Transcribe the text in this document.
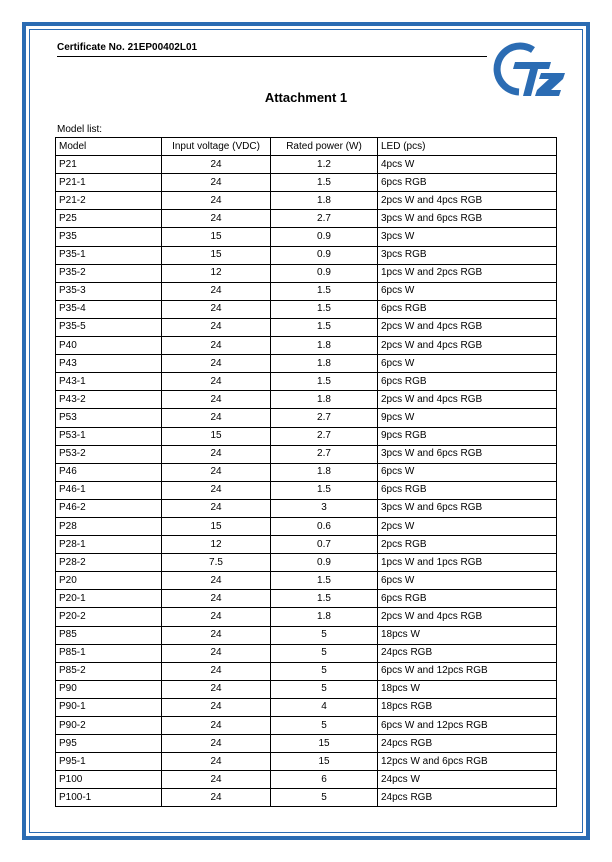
Certificate No. 21EP00402L01
Attachment 1
Model list:
Model	Input voltage (VDC)	Rated power (W)	LED (pcs)
P21	24	1.2	4pcs W
P21-1	24	1.5	6pcs RGB
P21-2	24	1.8	2pcs W and 4pcs RGB
P25	24	2.7	3pcs W and 6pcs RGB
P35	15	0.9	3pcs W
P35-1	15	0.9	3pcs RGB
P35-2	12	0.9	1pcs W and 2pcs RGB
P35-3	24	1.5	6pcs W
P35-4	24	1.5	6pcs RGB
P35-5	24	1.5	2pcs W and 4pcs RGB
P40	24	1.8	2pcs W and 4pcs RGB
P43	24	1.8	6pcs W
P43-1	24	1.5	6pcs RGB
P43-2	24	1.8	2pcs W and 4pcs RGB
P53	24	2.7	9pcs W
P53-1	15	2.7	9pcs RGB
P53-2	24	2.7	3pcs W and 6pcs RGB
P46	24	1.8	6pcs W
P46-1	24	1.5	6pcs RGB
P46-2	24	3	3pcs W and 6pcs RGB
P28	15	0.6	2pcs W
P28-1	12	0.7	2pcs RGB
P28-2	7.5	0.9	1pcs W and 1pcs RGB
P20	24	1.5	6pcs W
P20-1	24	1.5	6pcs RGB
P20-2	24	1.8	2pcs W and 4pcs RGB
P85	24	5	18pcs W
P85-1	24	5	24pcs RGB
P85-2	24	5	6pcs W and 12pcs RGB
P90	24	5	18pcs W
P90-1	24	4	18pcs RGB
P90-2	24	5	6pcs W and 12pcs RGB
P95	24	15	24pcs RGB
P95-1	24	15	12pcs W and 6pcs RGB
P100	24	6	24pcs W
P100-1	24	5	24pcs RGB
